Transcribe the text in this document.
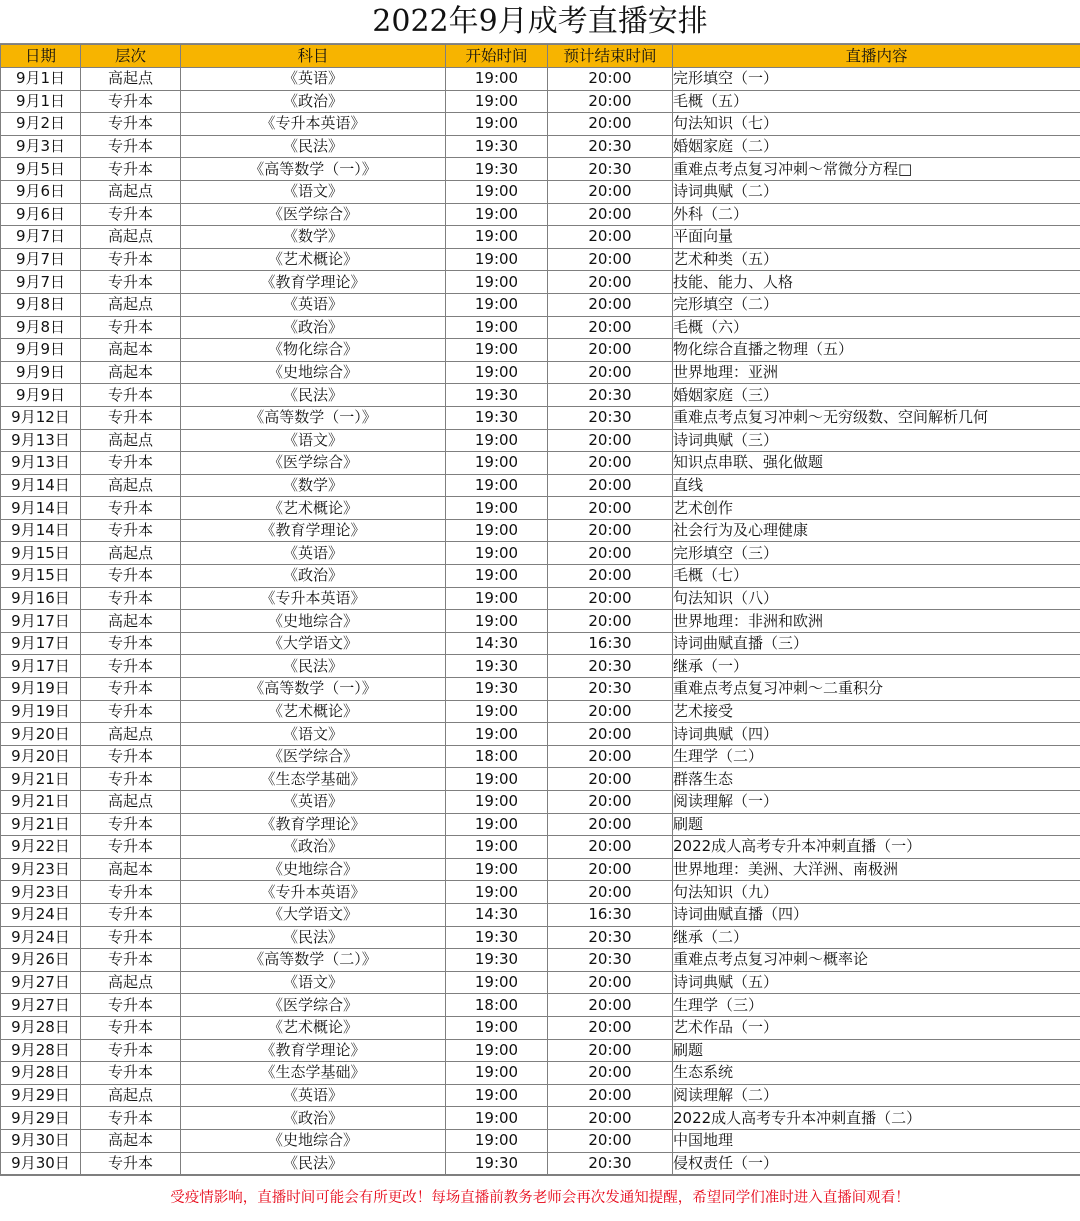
2022年9月成考直播安排
日期	层次	科目	开始时间	预计结束时间	直播内容
9月1日	高起点	《英语》	19:00	20:00	完形填空（一）
9月1日	专升本	《政治》	19:00	20:00	毛概（五）
9月2日	专升本	《专升本英语》	19:00	20:00	句法知识（七）
9月3日	专升本	《民法》	19:30	20:30	婚姻家庭（二）
9月5日	专升本	《高等数学（一）》	19:30	20:30	重难点考点复习冲刺～常微分方程□
9月6日	高起点	《语文》	19:00	20:00	诗词典赋（二）
9月6日	专升本	《医学综合》	19:00	20:00	外科（二）
9月7日	高起点	《数学》	19:00	20:00	平面向量
9月7日	专升本	《艺术概论》	19:00	20:00	艺术种类（五）
9月7日	专升本	《教育学理论》	19:00	20:00	技能、能力、人格
9月8日	高起点	《英语》	19:00	20:00	完形填空（二）
9月8日	专升本	《政治》	19:00	20:00	毛概（六）
9月9日	高起本	《物化综合》	19:00	20:00	物化综合直播之物理（五）
9月9日	高起本	《史地综合》	19:00	20:00	世界地理：亚洲
9月9日	专升本	《民法》	19:30	20:30	婚姻家庭（三）
9月12日	专升本	《高等数学（一）》	19:30	20:30	重难点考点复习冲刺～无穷级数、空间解析几何
9月13日	高起点	《语文》	19:00	20:00	诗词典赋（三）
9月13日	专升本	《医学综合》	19:00	20:00	知识点串联、强化做题
9月14日	高起点	《数学》	19:00	20:00	直线
9月14日	专升本	《艺术概论》	19:00	20:00	艺术创作
9月14日	专升本	《教育学理论》	19:00	20:00	社会行为及心理健康
9月15日	高起点	《英语》	19:00	20:00	完形填空（三）
9月15日	专升本	《政治》	19:00	20:00	毛概（七）
9月16日	专升本	《专升本英语》	19:00	20:00	句法知识（八）
9月17日	高起本	《史地综合》	19:00	20:00	世界地理：非洲和欧洲
9月17日	专升本	《大学语文》	14:30	16:30	诗词曲赋直播（三）
9月17日	专升本	《民法》	19:30	20:30	继承（一）
9月19日	专升本	《高等数学（一）》	19:30	20:30	重难点考点复习冲刺～二重积分
9月19日	专升本	《艺术概论》	19:00	20:00	艺术接受
9月20日	高起点	《语文》	19:00	20:00	诗词典赋（四）
9月20日	专升本	《医学综合》	18:00	20:00	生理学（二）
9月21日	专升本	《生态学基础》	19:00	20:00	群落生态
9月21日	高起点	《英语》	19:00	20:00	阅读理解（一）
9月21日	专升本	《教育学理论》	19:00	20:00	刷题
9月22日	专升本	《政治》	19:00	20:00	2022成人高考专升本冲刺直播（一）
9月23日	高起本	《史地综合》	19:00	20:00	世界地理：美洲、大洋洲、南极洲
9月23日	专升本	《专升本英语》	19:00	20:00	句法知识（九）
9月24日	专升本	《大学语文》	14:30	16:30	诗词曲赋直播（四）
9月24日	专升本	《民法》	19:30	20:30	继承（二）
9月26日	专升本	《高等数学（二）》	19:30	20:30	重难点考点复习冲刺～概率论
9月27日	高起点	《语文》	19:00	20:00	诗词典赋（五）
9月27日	专升本	《医学综合》	18:00	20:00	生理学（三）
9月28日	专升本	《艺术概论》	19:00	20:00	艺术作品（一）
9月28日	专升本	《教育学理论》	19:00	20:00	刷题
9月28日	专升本	《生态学基础》	19:00	20:00	生态系统
9月29日	高起点	《英语》	19:00	20:00	阅读理解（二）
9月29日	专升本	《政治》	19:00	20:00	2022成人高考专升本冲刺直播（二）
9月30日	高起本	《史地综合》	19:00	20:00	中国地理
9月30日	专升本	《民法》	19:30	20:30	侵权责任（一）
受疫情影响，直播时间可能会有所更改！每场直播前教务老师会再次发通知提醒，希望同学们准时进入直播间观看！
